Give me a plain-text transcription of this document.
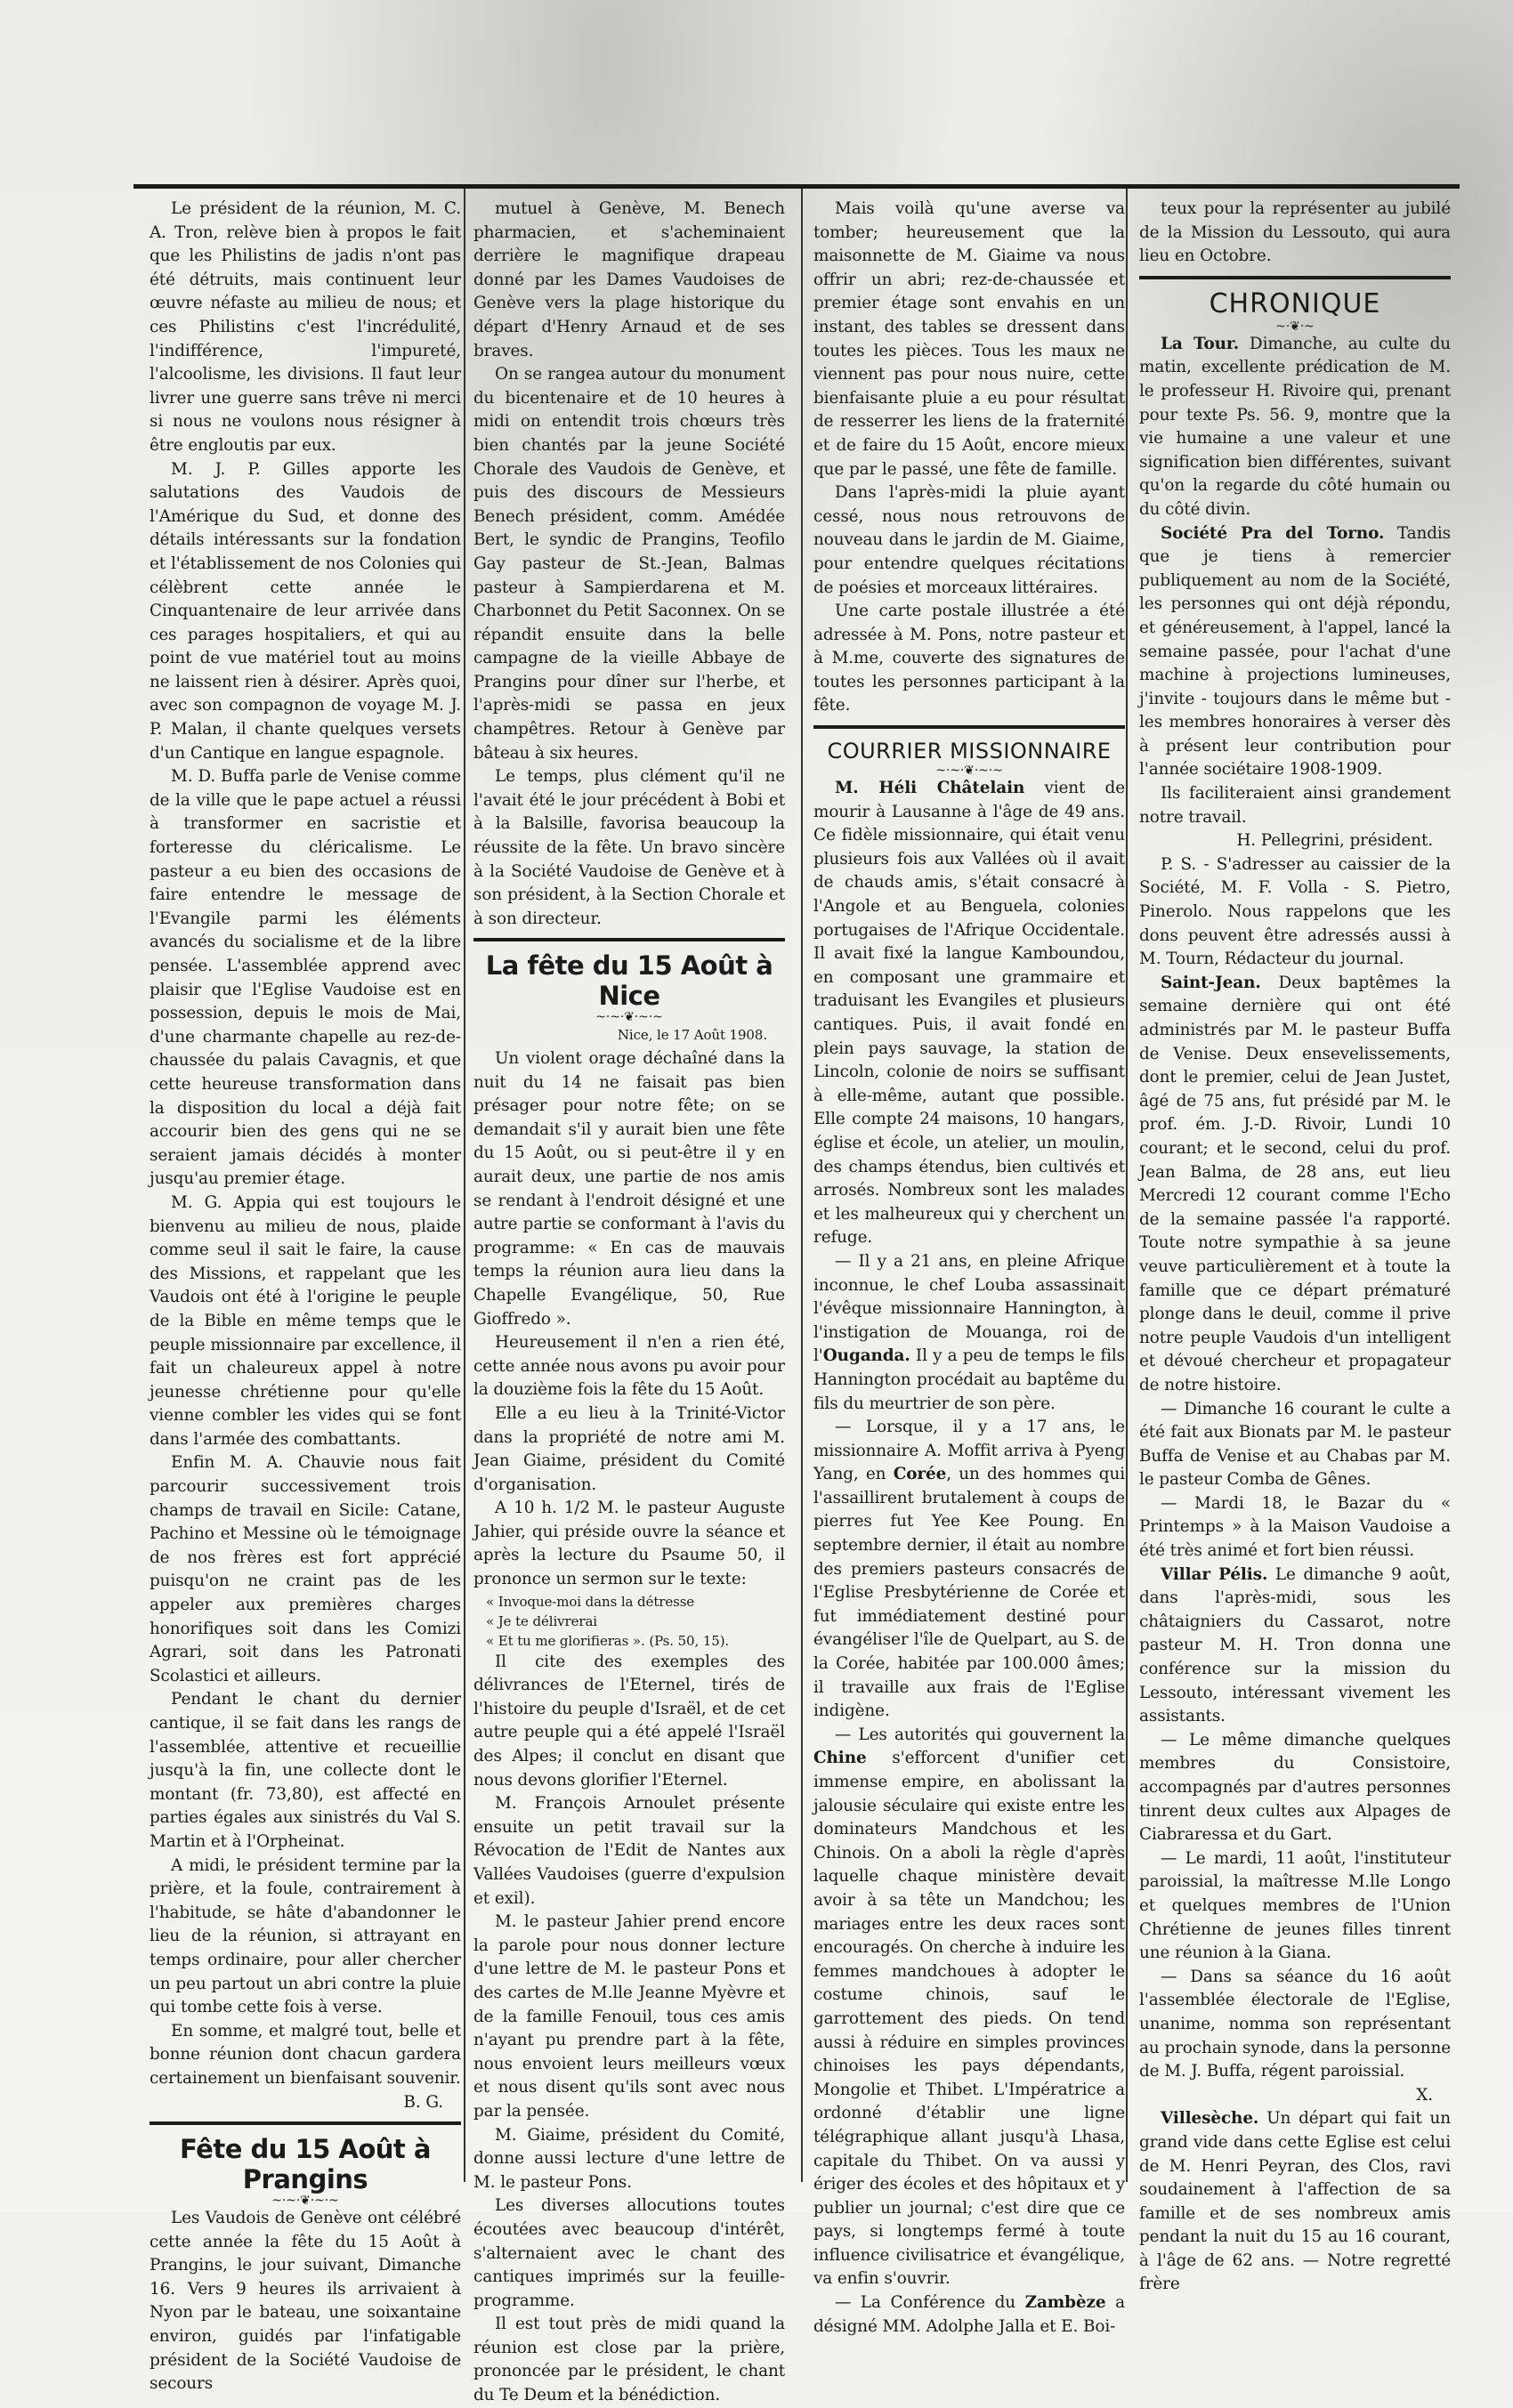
Le président de la réunion, M. C. A. Tron, relève bien à propos le fait que les Philistins de jadis n'ont pas été détruits, mais continuent leur œuvre néfaste au milieu de nous; et ces Philistins c'est l'incrédulité, l'indifférence, l'impureté, l'alcoolisme, les divisions. Il faut leur livrer une guerre sans trêve ni merci si nous ne voulons nous résigner à être engloutis par eux.

M. J. P. Gilles apporte les salutations des Vaudois de l'Amérique du Sud, et donne des détails intéressants sur la fondation et l'établissement de nos Colonies qui célèbrent cette année le Cinquantenaire de leur arrivée dans ces parages hospitaliers, et qui au point de vue matériel tout au moins ne laissent rien à désirer. Après quoi, avec son compagnon de voyage M. J. P. Malan, il chante quelques versets d'un Cantique en langue espagnole.

M. D. Buffa parle de Venise comme de la ville que le pape actuel a réussi à transformer en sacristie et forteresse du cléricalisme. Le pasteur a eu bien des occasions de faire entendre le message de l'Evangile parmi les éléments avancés du socialisme et de la libre pensée. L'assemblée apprend avec plaisir que l'Eglise Vaudoise est en possession, depuis le mois de Mai, d'une charmante chapelle au rez-de-chaussée du palais Cavagnis, et que cette heureuse transformation dans la disposition du local a déjà fait accourir bien des gens qui ne se seraient jamais décidés à monter jusqu'au premier étage.

M. G. Appia qui est toujours le bienvenu au milieu de nous, plaide comme seul il sait le faire, la cause des Missions, et rappelant que les Vaudois ont été à l'origine le peuple de la Bible en même temps que le peuple missionnaire par excellence, il fait un chaleureux appel à notre jeunesse chrétienne pour qu'elle vienne combler les vides qui se font dans l'armée des combattants.

Enfin M. A. Chauvie nous fait parcourir successivement trois champs de travail en Sicile: Catane, Pachino et Messine où le témoignage de nos frères est fort apprécié puisqu'on ne craint pas de les appeler aux premières charges honorifiques soit dans les Comizi Agrari, soit dans les Patronati Scolastici et ailleurs.

Pendant le chant du dernier cantique, il se fait dans les rangs de l'assemblée, attentive et recueillie jusqu'à la fin, une collecte dont le montant (fr. 73,80), est affecté en parties égales aux sinistrés du Val S. Martin et à l'Orpheinat.

A midi, le président termine par la prière, et la foule, contrairement à l'habitude, se hâte d'abandonner le lieu de la réunion, si attrayant en temps ordinaire, pour aller chercher un peu partout un abri contre la pluie qui tombe cette fois à verse.

En somme, et malgré tout, belle et bonne réunion dont chacun gardera certainement un bienfaisant souvenir.

B. G.

Fête du 15 Août à Prangins

~·~·❦·~·~

Les Vaudois de Genève ont célébré cette année la fête du 15 Août à Prangins, le jour suivant, Dimanche 16. Vers 9 heures ils arrivaient à Nyon par le bateau, une soixantaine environ, guidés par l'infatigable président de la Société Vaudoise de secours

mutuel à Genève, M. Benech pharmacien, et s'acheminaient derrière le magnifique drapeau donné par les Dames Vaudoises de Genève vers la plage historique du départ d'Henry Arnaud et de ses braves.

On se rangea autour du monument du bicentenaire et de 10 heures à midi on entendit trois chœurs très bien chantés par la jeune Société Chorale des Vaudois de Genève, et puis des discours de Messieurs Benech président, comm. Amédée Bert, le syndic de Prangins, Teofilo Gay pasteur de St.-Jean, Balmas pasteur à Sampierdarena et M. Charbonnet du Petit Saconnex. On se répandit ensuite dans la belle campagne de la vieille Abbaye de Prangins pour dîner sur l'herbe, et l'après-midi se passa en jeux champêtres. Retour à Genève par bâteau à six heures.

Le temps, plus clément qu'il ne l'avait été le jour précédent à Bobi et à la Balsille, favorisa beaucoup la réussite de la fête. Un bravo sincère à la Société Vaudoise de Genève et à son président, à la Section Chorale et à son directeur.

La fête du 15 Août à Nice

~·~·❦·~·~

Nice, le 17 Août 1908.

Un violent orage déchaîné dans la nuit du 14 ne faisait pas bien présager pour notre fête; on se demandait s'il y aurait bien une fête du 15 Août, ou si peut-être il y en aurait deux, une partie de nos amis se rendant à l'endroit désigné et une autre partie se conformant à l'avis du programme: « En cas de mauvais temps la réunion aura lieu dans la Chapelle Evangélique, 50, Rue Gioffredo ».

Heureusement il n'en a rien été, cette année nous avons pu avoir pour la douzième fois la fête du 15 Août.

Elle a eu lieu à la Trinité-Victor dans la propriété de notre ami M. Jean Giaime, président du Comité d'organisation.

A 10 h. 1/2 M. le pasteur Auguste Jahier, qui préside ouvre la séance et après la lecture du Psaume 50, il prononce un sermon sur le texte:

« Invoque-moi dans la détresse

« Je te délivrerai

« Et tu me glorifieras ». (Ps. 50, 15).

Il cite des exemples des délivrances de l'Eternel, tirés de l'histoire du peuple d'Israël, et de cet autre peuple qui a été appelé l'Israël des Alpes; il conclut en disant que nous devons glorifier l'Eternel.

M. François Arnoulet présente ensuite un petit travail sur la Révocation de l'Edit de Nantes aux Vallées Vaudoises (guerre d'expulsion et exil).

M. le pasteur Jahier prend encore la parole pour nous donner lecture d'une lettre de M. le pasteur Pons et des cartes de M.lle Jeanne Myèvre et de la famille Fenouil, tous ces amis n'ayant pu prendre part à la fête, nous envoient leurs meilleurs vœux et nous disent qu'ils sont avec nous par la pensée.

M. Giaime, président du Comité, donne aussi lecture d'une lettre de M. le pasteur Pons.

Les diverses allocutions toutes écoutées avec beaucoup d'intérêt, s'alternaient avec le chant des cantiques imprimés sur la feuille-programme.

Il est tout près de midi quand la réunion est close par la prière, prononcée par le président, le chant du Te Deum et la bénédiction.

Mais voilà qu'une averse va tomber; heureusement que la maisonnette de M. Giaime va nous offrir un abri; rez-de-chaussée et premier étage sont envahis en un instant, des tables se dressent dans toutes les pièces. Tous les maux ne viennent pas pour nous nuire, cette bienfaisante pluie a eu pour résultat de resserrer les liens de la fraternité et de faire du 15 Août, encore mieux que par le passé, une fête de famille.

Dans l'après-midi la pluie ayant cessé, nous nous retrouvons de nouveau dans le jardin de M. Giaime, pour entendre quelques récitations de poésies et morceaux littéraires.

Une carte postale illustrée a été adressée à M. Pons, notre pasteur et à M.me, couverte des signatures de toutes les personnes participant à la fête.

COURRIER MISSIONNAIRE

~·~·❦·~·~

M. Héli Châtelain vient de mourir à Lausanne à l'âge de 49 ans. Ce fidèle missionnaire, qui était venu plusieurs fois aux Vallées où il avait de chauds amis, s'était consacré à l'Angole et au Benguela, colonies portugaises de l'Afrique Occidentale. Il avait fixé la langue Kamboundou, en composant une grammaire et traduisant les Evangiles et plusieurs cantiques. Puis, il avait fondé en plein pays sauvage, la station de Lincoln, colonie de noirs se suffisant à elle-même, autant que possible. Elle compte 24 maisons, 10 hangars, église et école, un atelier, un moulin, des champs étendus, bien cultivés et arrosés. Nombreux sont les malades et les malheureux qui y cherchent un refuge.

— Il y a 21 ans, en pleine Afrique inconnue, le chef Louba assassinait l'évêque missionnaire Hannington, à l'instigation de Mouanga, roi de l'Ouganda. Il y a peu de temps le fils Hannington procédait au baptême du fils du meurtrier de son père.

— Lorsque, il y a 17 ans, le missionnaire A. Moffit arriva à Pyeng Yang, en Corée, un des hommes qui l'assaillirent brutalement à coups de pierres fut Yee Kee Poung. En septembre dernier, il était au nombre des premiers pasteurs consacrés de l'Eglise Presbytérienne de Corée et fut immédiatement destiné pour évangéliser l'île de Quelpart, au S. de la Corée, habitée par 100.000 âmes; il travaille aux frais de l'Eglise indigène.

— Les autorités qui gouvernent la Chine s'efforcent d'unifier cet immense empire, en abolissant la jalousie séculaire qui existe entre les dominateurs Mandchous et les Chinois. On a aboli la règle d'après laquelle chaque ministère devait avoir à sa tête un Mandchou; les mariages entre les deux races sont encouragés. On cherche à induire les femmes mandchoues à adopter le costume chinois, sauf le garrottement des pieds. On tend aussi à réduire en simples provinces chinoises les pays dépendants, Mongolie et Thibet. L'Impératrice a ordonné d'établir une ligne télégraphique allant jusqu'à Lhasa, capitale du Thibet. On va aussi y ériger des écoles et des hôpitaux et y publier un journal; c'est dire que ce pays, si longtemps fermé à toute influence civilisatrice et évangélique, va enfin s'ouvrir.

— La Conférence du Zambèze a désigné MM. Adolphe Jalla et E. Boi-

teux pour la représenter au jubilé de la Mission du Lessouto, qui aura lieu en Octobre.

CHRONIQUE

~·❦·~

La Tour. Dimanche, au culte du matin, excellente prédication de M. le professeur H. Rivoire qui, prenant pour texte Ps. 56. 9, montre que la vie humaine a une valeur et une signification bien différentes, suivant qu'on la regarde du côté humain ou du côté divin.

Société Pra del Torno. Tandis que je tiens à remercier publiquement au nom de la Société, les personnes qui ont déjà répondu, et généreusement, à l'appel, lancé la semaine passée, pour l'achat d'une machine à projections lumineuses, j'invite - toujours dans le même but - les membres honoraires à verser dès à présent leur contribution pour l'année sociétaire 1908-1909.

Ils faciliteraient ainsi grandement notre travail.

H. Pellegrini, président.

P. S. - S'adresser au caissier de la Société, M. F. Volla - S. Pietro, Pinerolo. Nous rappelons que les dons peuvent être adressés aussi à M. Tourn, Rédacteur du journal.

Saint-Jean. Deux baptêmes la semaine dernière qui ont été administrés par M. le pasteur Buffa de Venise. Deux ensevelissements, dont le premier, celui de Jean Justet, âgé de 75 ans, fut présidé par M. le prof. ém. J.-D. Rivoir, Lundi 10 courant; et le second, celui du prof. Jean Balma, de 28 ans, eut lieu Mercredi 12 courant comme l'Echo de la semaine passée l'a rapporté. Toute notre sympathie à sa jeune veuve particulièrement et à toute la famille que ce départ prématuré plonge dans le deuil, comme il prive notre peuple Vaudois d'un intelligent et dévoué chercheur et propagateur de notre histoire.

— Dimanche 16 courant le culte a été fait aux Bionats par M. le pasteur Buffa de Venise et au Chabas par M. le pasteur Comba de Gênes.

— Mardi 18, le Bazar du « Printemps » à la Maison Vaudoise a été très animé et fort bien réussi.

Villar Pélis. Le dimanche 9 août, dans l'après-midi, sous les châtaigniers du Cassarot, notre pasteur M. H. Tron donna une conférence sur la mission du Lessouto, intéressant vivement les assistants.

— Le même dimanche quelques membres du Consistoire, accompagnés par d'autres personnes tinrent deux cultes aux Alpages de Ciabraressa et du Gart.

— Le mardi, 11 août, l'instituteur paroissial, la maîtresse M.lle Longo et quelques membres de l'Union Chrétienne de jeunes filles tinrent une réunion à la Giana.

— Dans sa séance du 16 août l'assemblée électorale de l'Eglise, unanime, nomma son représentant au prochain synode, dans la personne de M. J. Buffa, régent paroissial.

X.

Villesèche. Un départ qui fait un grand vide dans cette Eglise est celui de M. Henri Peyran, des Clos, ravi soudainement à l'affection de sa famille et de ses nombreux amis pendant la nuit du 15 au 16 courant, à l'âge de 62 ans. — Notre regretté frère
